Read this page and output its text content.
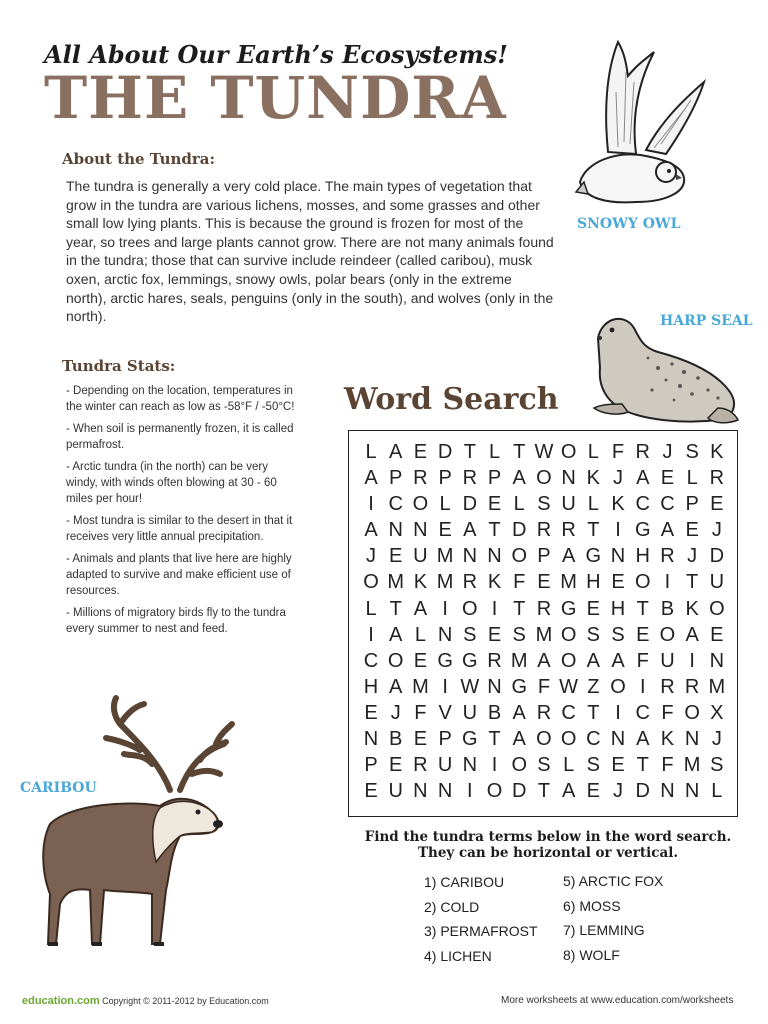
All About Our Earth’s Ecosystems!
THE TUNDRA
About the Tundra:
The tundra is generally a very cold place. The main types of vegetation that grow in the tundra are various lichens, mosses, and some grasses and other small low lying plants. This is because the ground is frozen for most of the year, so trees and large plants cannot grow. There are not many animals found in the tundra; those that can survive include reindeer (called caribou), musk oxen, arctic fox, lemmings, snowy owls, polar bears (only in the extreme north), arctic hares, seals, penguins (only in the south), and wolves (only in the north).
Tundra Stats:

- Depending on the location, temperatures in the winter can reach as low as -58°F / -50°C!

- When soil is permanently frozen, it is called permafrost.

- Arctic tundra (in the north) can be very windy, with winds often blowing at 30 - 60 miles per hour!

- Most tundra is similar to the desert in that it receives very little annual precipitation.

- Animals and plants that live here are highly adapted to survive and make efficient use of resources.

- Millions of migratory birds fly to the tundra every summer to nest and feed.

SNOWY OWL
HARP SEAL
Word Search
L A E D T L T W O L F R J S K
A P R P R P A O N K J A E L R
I C O L D E L S U L K C C P E
A N N E A T D R R T I G A E J
J E U M N N O P A G N H R J D
O M K M R K F E M H E O I T U
L T A I O I T R G E H T B K O
I A L N S E S M O S S E O A E
C O E G G R M A O A A F U I N
H A M I W N G F W Z O I R R M
E J F V U B A R C T I C F O X
N B E P G T A O O C N A K N J
P E R U N I O S L S E T F M S
E U N N I O D T A E J D N N L
Find the tundra terms below in the word search.
They can be horizontal or vertical.
1) CARIBOU
2) COLD
3) PERMAFROST
4) LICHEN
5) ARCTIC FOX
6) MOSS
7) LEMMING
8) WOLF
CARIBOU
education.com Copyright © 2011-2012 by Education.com	More worksheets at www.education.com/worksheets
